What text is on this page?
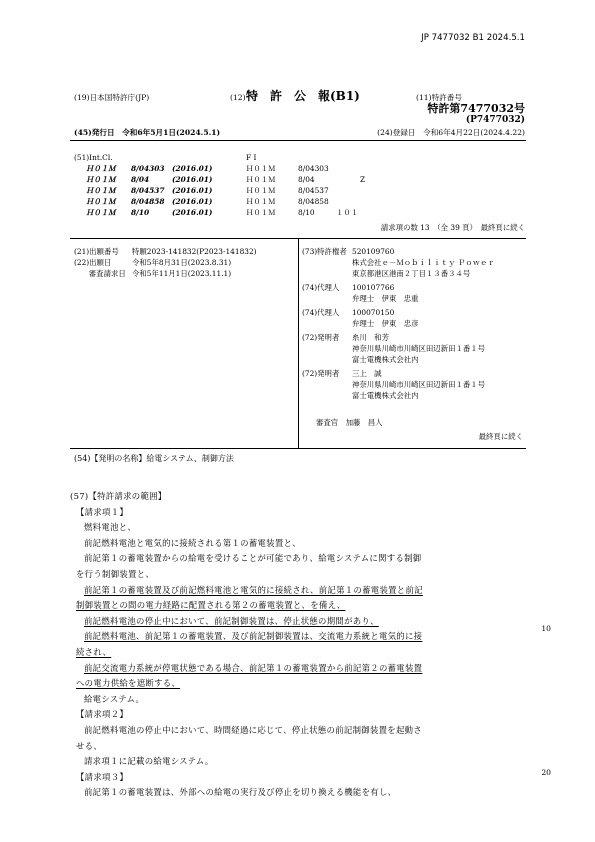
JP 7477032 B1 2024.5.1
(19)日本国特許庁(JP)	(12) 特　許　公　報(B1)	(11)特許番号
特許第7477032号
(P7477032)
(45)発行日　令和6年5月1日(2024.5.1)	(24)登録日　令和6年4月22日(2024.4.22)
(51)Int.Cl.	F I
Ｈ０１Ｍ 8/04303 (2016.01)	Ｈ０１Ｍ	8/04303
Ｈ０１Ｍ 8/04	(2016.01)	Ｈ０１Ｍ	8/04	Z
Ｈ０１Ｍ 8/04537 (2016.01)	Ｈ０１Ｍ	8/04537
Ｈ０１Ｍ 8/04858 (2016.01)	Ｈ０１Ｍ	8/04858
Ｈ０１Ｍ 8/10	(2016.01)	Ｈ０１Ｍ	8/10	１０１
請求項の数 13　（全 39 頁）　最終頁に続く
(21)出願番号 特願2023-141832(P2023-141832)
(22)出願日	令和5年8月31日(2023.8.31)
　　審査請求日 令和5年11月1日(2023.11.1)
(73)特許権者 520109760
株式会社ｅ－Ｍｏｂｉｌｉｔｙ Ｐｏｗｅｒ
東京都港区港南２丁目１３番３４号
(74)代理人 100107766
弁理士　伊東　忠重
(74)代理人 100070150
弁理士　伊東　忠彦
(72)発明者 糸川　和芳
神奈川県川崎市川崎区田辺新田１番１号
富士電機株式会社内
(72)発明者 三上　誠
神奈川県川崎市川崎区田辺新田１番１号
富士電機株式会社内
審査官　加藤　昌人
最終頁に続く
(54)【発明の名称】給電システム、制御方法
(57)【特許請求の範囲】
【請求項１】
燃料電池と、
前記燃料電池と電気的に接続される第１の蓄電装置と、
前記第１の蓄電装置からの給電を受けることが可能であり、給電システムに関する制御
を行う制御装置と、
前記第１の蓄電装置及び前記燃料電池と電気的に接続され、前記第１の蓄電装置と前記
制御装置との間の電力経路に配置される第２の蓄電装置と、を備え、
前記燃料電池の停止中において、前記制御装置は、停止状態の期間があり、
前記燃料電池、前記第１の蓄電装置、及び前記制御装置は、交流電力系統と電気的に接
続され、
前記交流電力系統が停電状態である場合、前記第１の蓄電装置から前記第２の蓄電装置
への電力供給を遮断する、
給電システム。
【請求項２】
前記燃料電池の停止中において、時間経過に応じて、停止状態の前記制御装置を起動さ
せる、
請求項１に記載の給電システム。
【請求項３】
前記第１の蓄電装置は、外部への給電の実行及び停止を切り換える機能を有し、
10
20
